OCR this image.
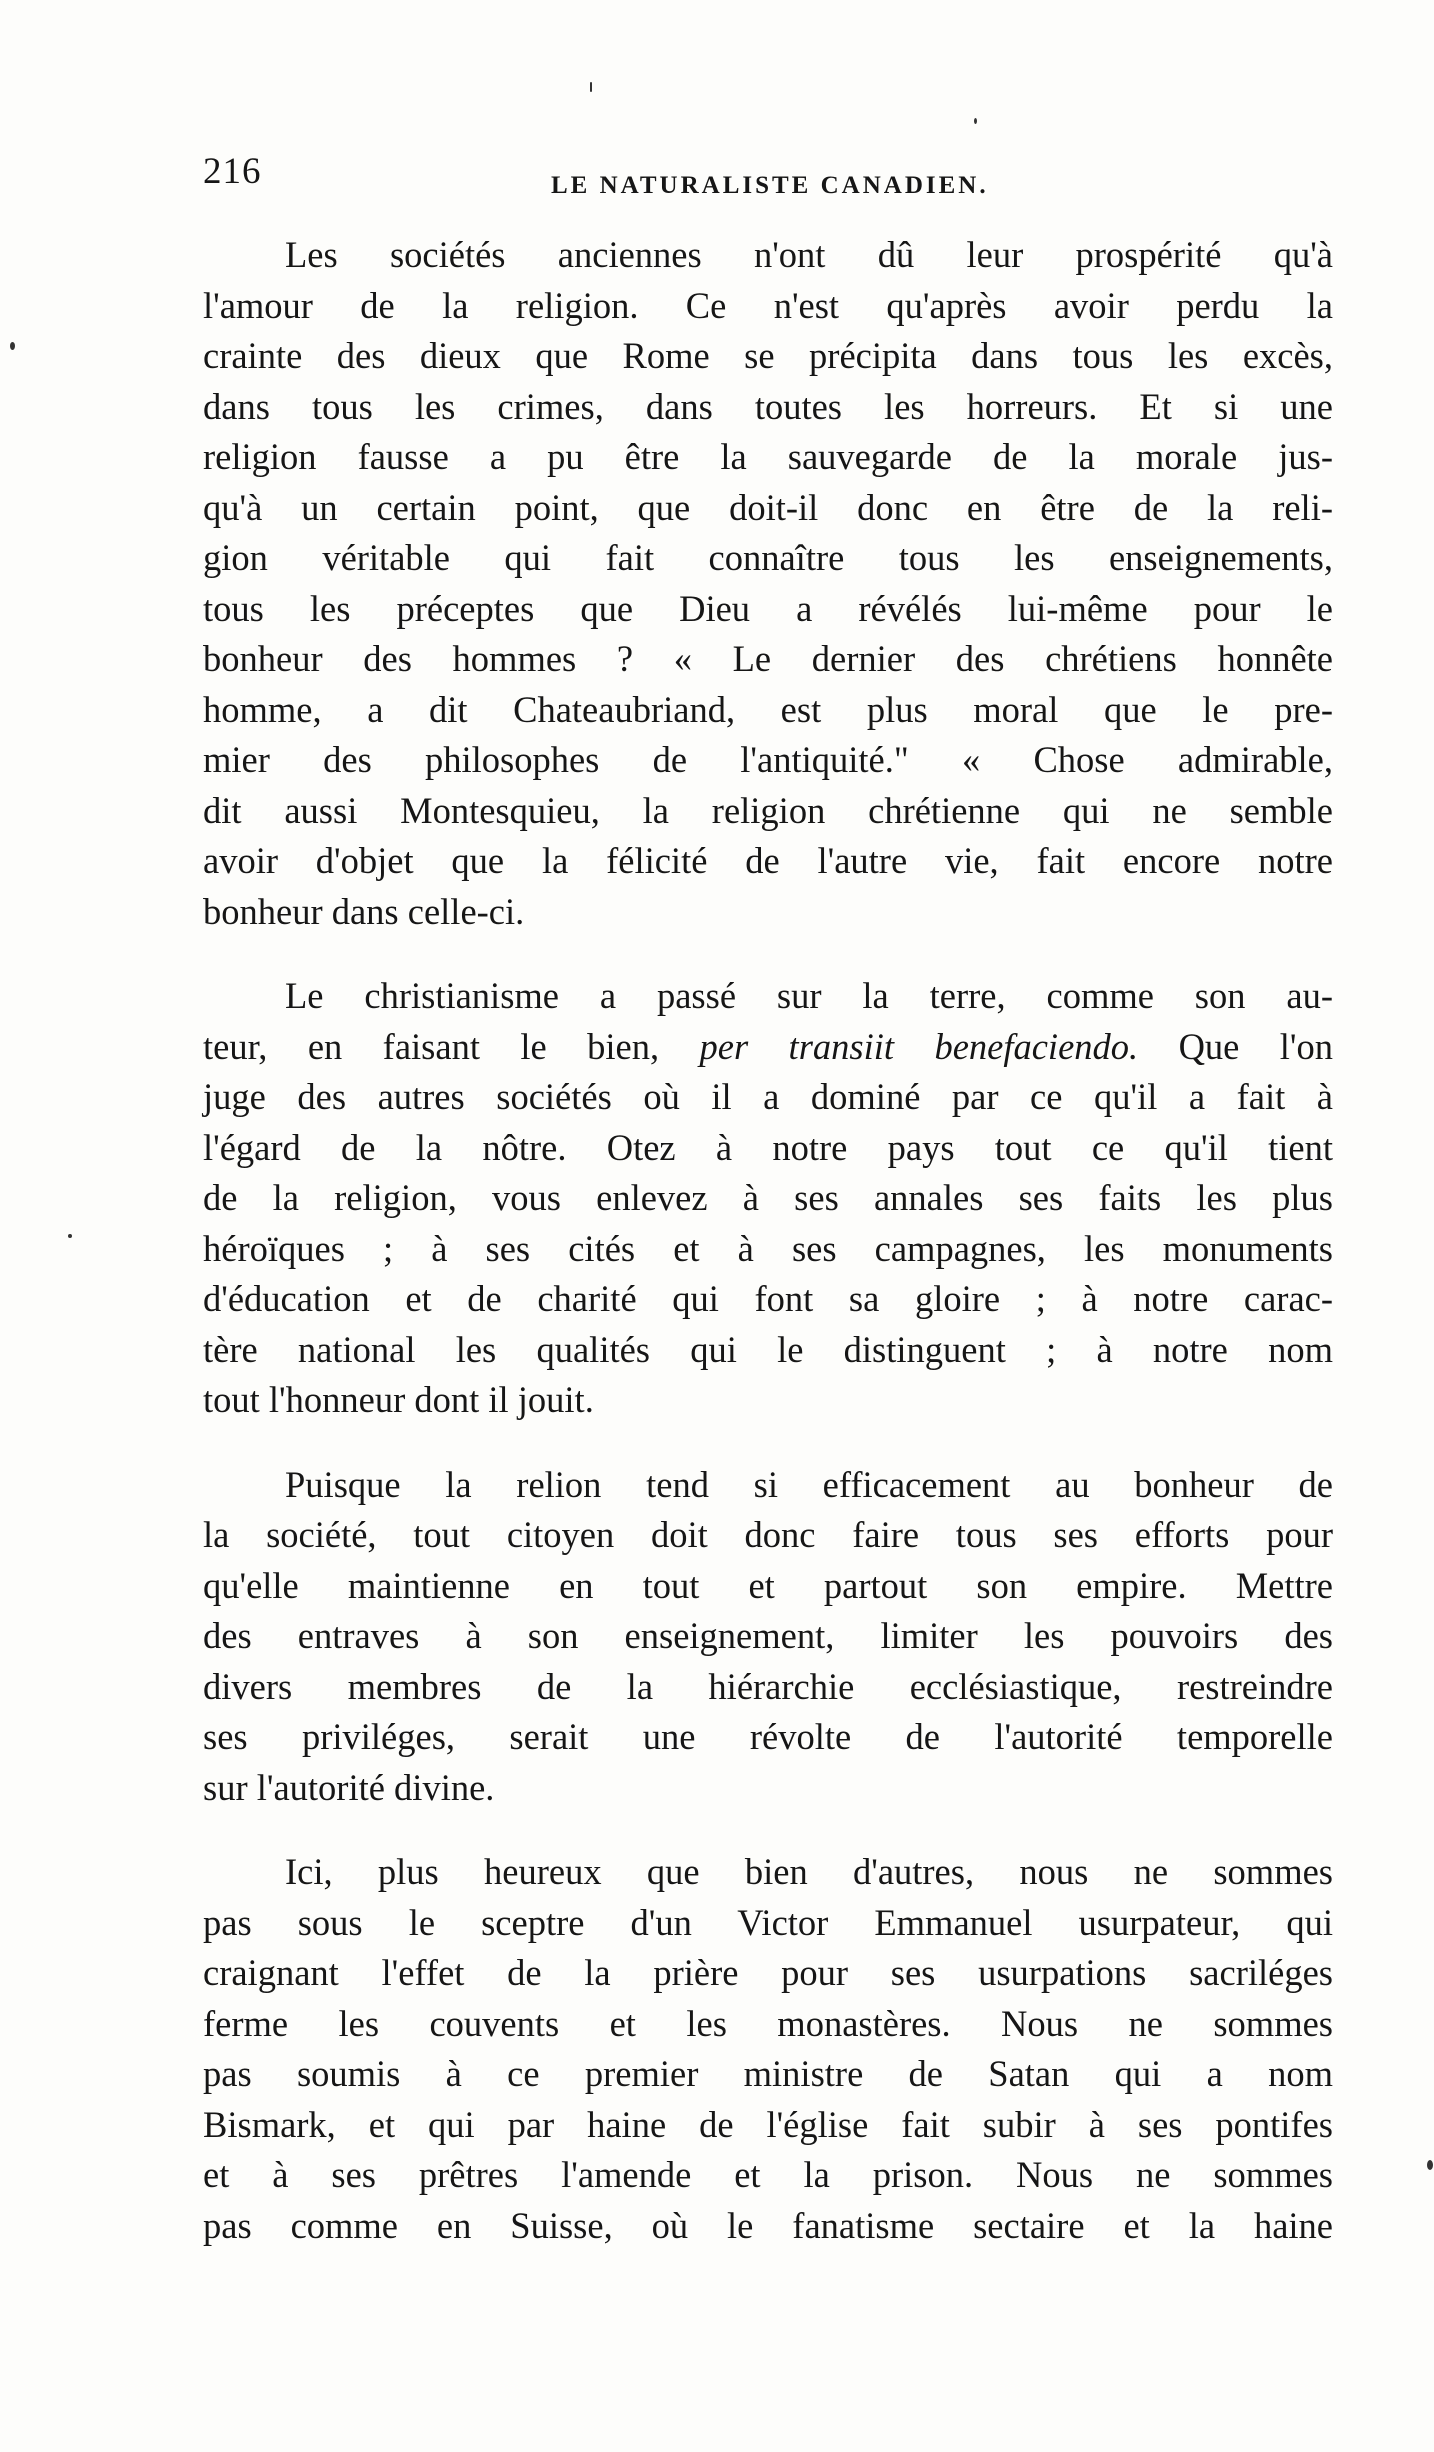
216	LE NATURALISTE CANADIEN.

Les sociétés anciennes n'ont dû leur prospérité qu'à
l'amour de la religion. Ce n'est qu'après avoir perdu la
crainte des dieux que Rome se précipita dans tous les excès,
dans tous les crimes, dans toutes les horreurs. Et si une
religion fausse a pu être la sauvegarde de la morale jus-
qu'à un certain point, que doit-il donc en être de la reli-
gion véritable qui fait connaître tous les enseignements,
tous les préceptes que Dieu a révélés lui-même pour le
bonheur des hommes ? « Le dernier des chrétiens honnête
homme, a dit Chateaubriand, est plus moral que le pre-
mier des philosophes de l'antiquité." « Chose admirable,
dit aussi Montesquieu, la religion chrétienne qui ne semble
avoir d'objet que la félicité de l'autre vie, fait encore notre
bonheur dans celle-ci.

Le christianisme a passé sur la terre, comme son au-
teur, en faisant le bien, per transiit benefaciendo. Que l'on
juge des autres sociétés où il a dominé par ce qu'il a fait à
l'égard de la nôtre. Otez à notre pays tout ce qu'il tient
de la religion, vous enlevez à ses annales ses faits les plus
héroïques ; à ses cités et à ses campagnes, les monuments
d'éducation et de charité qui font sa gloire ; à notre carac-
tère national les qualités qui le distinguent ; à notre nom
tout l'honneur dont il jouit.

Puisque la relion tend si efficacement au bonheur de
la société, tout citoyen doit donc faire tous ses efforts pour
qu'elle maintienne en tout et partout son empire. Mettre
des entraves à son enseignement, limiter les pouvoirs des
divers membres de la hiérarchie ecclésiastique, restreindre
ses priviléges, serait une révolte de l'autorité temporelle
sur l'autorité divine.

Ici, plus heureux que bien d'autres, nous ne sommes
pas sous le sceptre d'un Victor Emmanuel usurpateur, qui
craignant l'effet de la prière pour ses usurpations sacriléges
ferme les couvents et les monastères. Nous ne sommes
pas soumis à ce premier ministre de Satan qui a nom
Bismark, et qui par haine de l'église fait subir à ses pontifes
et à ses prêtres l'amende et la prison. Nous ne sommes
pas comme en Suisse, où le fanatisme sectaire et la haine
